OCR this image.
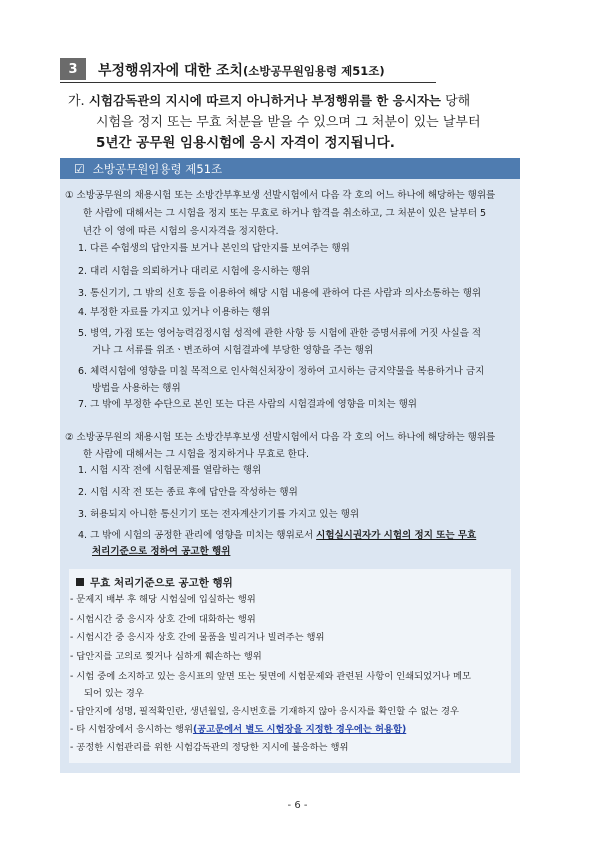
3	부정행위자에 대한 조치(소방공무원임용령 제51조)
가. 시험감독관의 지시에 따르지 아니하거나 부정행위를 한 응시자는 당해
시험을 정지 또는 무효 처분을 받을 수 있으며 그 처분이 있는 날부터
5년간 공무원 임용시험에 응시 자격이 정지됩니다.
☑ 소방공무원임용령 제51조
① 소방공무원의 채용시험 또는 소방간부후보생 선발시험에서 다음 각 호의 어느 하나에 해당하는 행위를
한 사람에 대해서는 그 시험을 정지 또는 무효로 하거나 합격을 취소하고, 그 처분이 있은 날부터 5
년간 이 영에 따른 시험의 응시자격을 정지한다.
1. 다른 수험생의 답안지를 보거나 본인의 답안지를 보여주는 행위
2. 대리 시험을 의뢰하거나 대리로 시험에 응시하는 행위
3. 통신기기, 그 밖의 신호 등을 이용하여 해당 시험 내용에 관하여 다른 사람과 의사소통하는 행위
4. 부정한 자료를 가지고 있거나 이용하는 행위
5. 병역, 가점 또는 영어능력검정시험 성적에 관한 사항 등 시험에 관한 증명서류에 거짓 사실을 적
거나 그 서류를 위조ㆍ변조하여 시험결과에 부당한 영향을 주는 행위
6. 체력시험에 영향을 미칠 목적으로 인사혁신처장이 정하여 고시하는 금지약물을 복용하거나 금지
방법을 사용하는 행위
7. 그 밖에 부정한 수단으로 본인 또는 다른 사람의 시험결과에 영향을 미치는 행위
② 소방공무원의 채용시험 또는 소방간부후보생 선발시험에서 다음 각 호의 어느 하나에 해당하는 행위를
한 사람에 대해서는 그 시험을 정지하거나 무효로 한다.
1. 시험 시작 전에 시험문제를 열람하는 행위
2. 시험 시작 전 또는 종료 후에 답안을 작성하는 행위
3. 허용되지 아니한 통신기기 또는 전자계산기기를 가지고 있는 행위
4. 그 밖에 시험의 공정한 관리에 영향을 미치는 행위로서 시험실시권자가 시험의 정지 또는 무효
처리기준으로 정하여 공고한 행위
무효 처리기준으로 공고한 행위
- 문제지 배부 후 해당 시험실에 입실하는 행위
- 시험시간 중 응시자 상호 간에 대화하는 행위
- 시험시간 중 응시자 상호 간에 물품을 빌리거나 빌려주는 행위
- 답안지를 고의로 찢거나 심하게 훼손하는 행위
- 시험 중에 소지하고 있는 응시표의 앞면 또는 뒷면에 시험문제와 관련된 사항이 인쇄되었거나 메모
되어 있는 경우
- 답안지에 성명, 필적확인란, 생년월일, 응시번호를 기재하지 않아 응시자를 확인할 수 없는 경우
- 타 시험장에서 응시하는 행위(공고문에서 별도 시험장을 지정한 경우에는 허용함)
- 공정한 시험관리를 위한 시험감독관의 정당한 지시에 불응하는 행위
- 6 -
